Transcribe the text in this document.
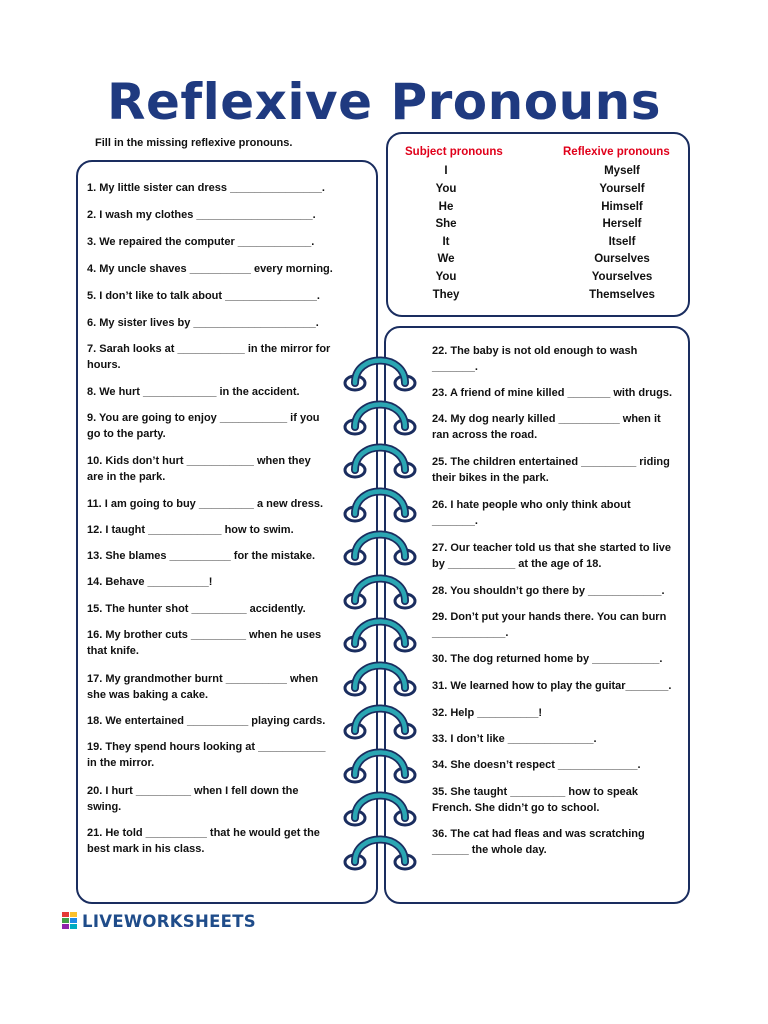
Reflexive Pronouns
Fill in the missing reflexive pronouns.
Subject pronouns	Reflexive pronouns
I	Myself
You	Yourself
He	Himself
She	Herself
It	Itself
We	Ourselves
You	Yourselves
They	Themselves
1. My little sister can dress _______________.
2. I wash my clothes ___________________.
3. We repaired the computer ____________.
4. My uncle shaves __________ every morning.
5. I don’t like to talk about _______________.
6. My sister lives by ____________________.
7. Sarah looks at ___________ in the mirror for
hours.
8. We hurt ____________ in the accident.
9. You are going to enjoy ___________ if you
go to the party.
10. Kids don’t hurt ___________ when they
are in the park.
11. I am going to buy _________ a new dress.
12. I taught ____________ how to swim.
13. She blames __________ for the mistake.
14. Behave __________!
15. The hunter shot _________ accidently.
16. My brother cuts _________ when he uses
that knife.
17. My grandmother burnt __________ when
she was baking a cake.
18. We entertained __________ playing cards.
19. They spend hours looking at ___________
in the mirror.
20. I hurt _________ when I fell down the
swing.
21. He told __________ that he would get the
best mark in his class.
22. The baby is not old enough to wash
_______.
23. A friend of mine killed _______ with drugs.
24. My dog nearly killed __________ when it
ran across the road.
25. The children entertained _________ riding
their bikes in the park.
26. I hate people who only think about
_______.
27. Our teacher told us that she started to live
by ___________ at the age of 18.
28. You shouldn’t go there by ____________.
29. Don’t put your hands there. You can burn
____________.
30. The dog returned home by ___________.
31. We learned how to play the guitar_______.
32. Help __________!
33. I don’t like ______________.
34. She doesn’t respect _____________.
35. She taught _________ how to speak
French. She didn’t go to school.
36. The cat had fleas and was scratching
______ the whole day.
LIVEWORKSHEETS
